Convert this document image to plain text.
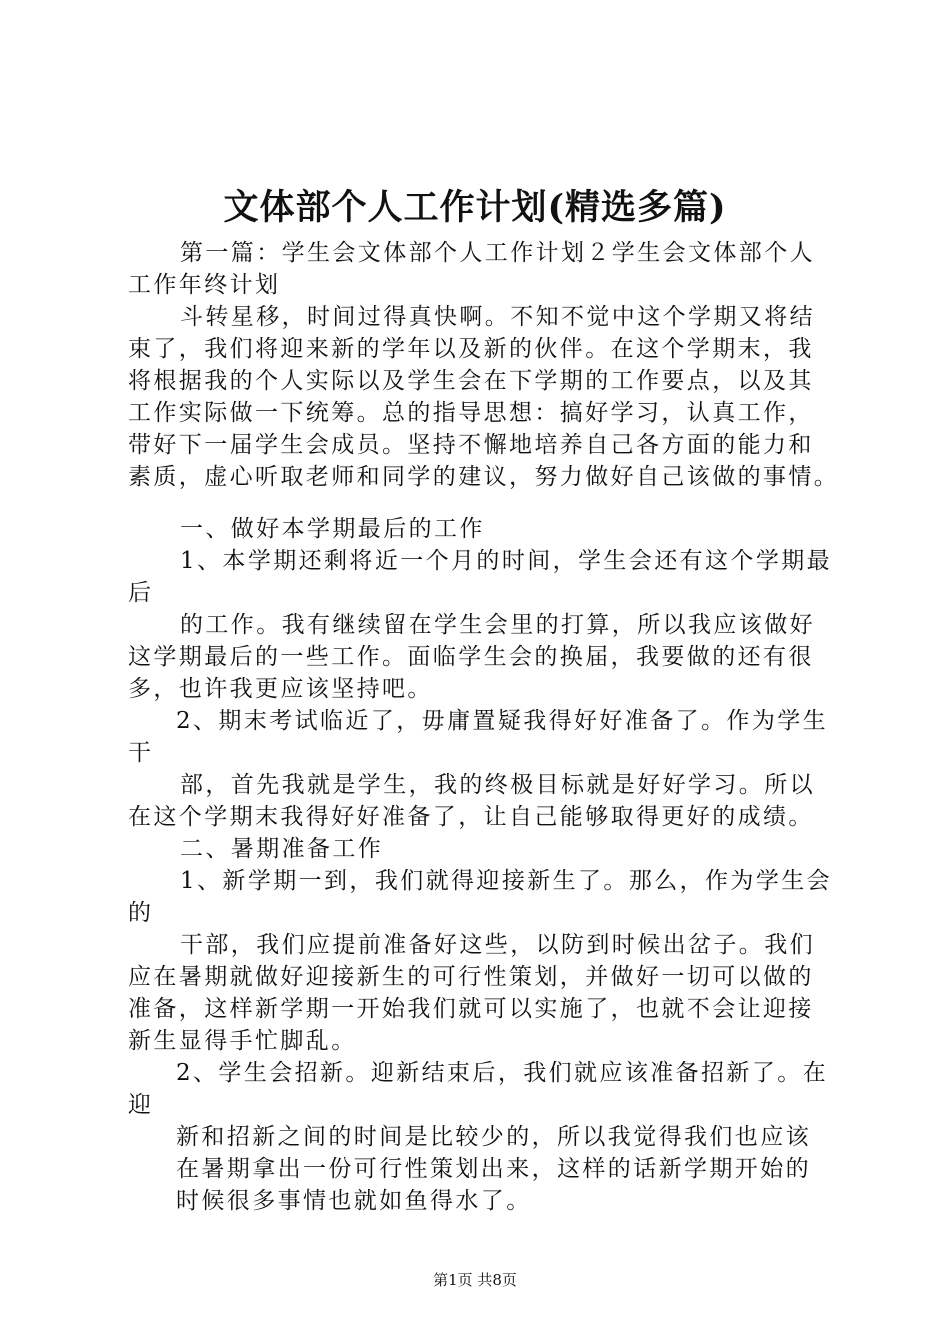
文体部个人工作计划(精选多篇)
第一篇：学生会文体部个人工作计划２学生会文体部个人
工作年终计划
斗转星移，时间过得真快啊。不知不觉中这个学期又将结
束了，我们将迎来新的学年以及新的伙伴。在这个学期末，我
将根据我的个人实际以及学生会在下学期的工作要点，以及其
工作实际做一下统筹。总的指导思想：搞好学习，认真工作，
带好下一届学生会成员。坚持不懈地培养自己各方面的能力和
素质，虚心听取老师和同学的建议，努力做好自己该做的事情。
一、做好本学期最后的工作
1、本学期还剩将近一个月的时间，学生会还有这个学期最
后
的工作。我有继续留在学生会里的打算，所以我应该做好
这学期最后的一些工作。面临学生会的换届，我要做的还有很
多，也许我更应该坚持吧。
2、期末考试临近了，毋庸置疑我得好好准备了。作为学生
干
部，首先我就是学生，我的终极目标就是好好学习。所以
在这个学期末我得好好准备了，让自己能够取得更好的成绩。
二、暑期准备工作
1、新学期一到，我们就得迎接新生了。那么，作为学生会
的
干部，我们应提前准备好这些，以防到时候出岔子。我们
应在暑期就做好迎接新生的可行性策划，并做好一切可以做的
准备，这样新学期一开始我们就可以实施了，也就不会让迎接
新生显得手忙脚乱。
2、学生会招新。迎新结束后，我们就应该准备招新了。在
迎
新和招新之间的时间是比较少的，所以我觉得我们也应该
在暑期拿出一份可行性策划出来，这样的话新学期开始的
时候很多事情也就如鱼得水了。
第1页 共8页
